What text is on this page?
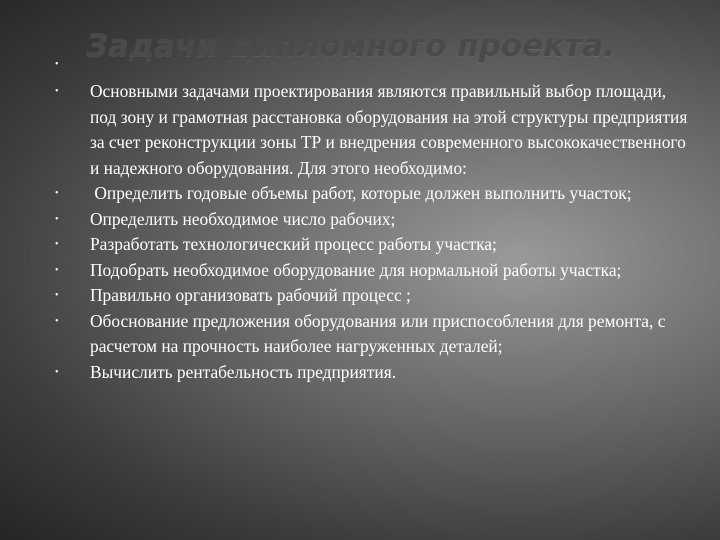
Задачи дипломного проекта.
•
•	Основными задачами проектирования являются правильный выбор площади, под зону и грамотная расстановка оборудования на этой структуры предприятия за счет реконструкции зоны ТР и внедрения современного высококачественного и надежного оборудования. Для этого необходимо:
•	Определить годовые объемы работ, которые должен выполнить участок;
•	Определить необходимое число рабочих;
•	Разработать технологический процесс работы участка;
•	Подобрать необходимое оборудование для нормальной работы участка;
•	Правильно организовать рабочий процесс ;
•	Обоснование предложения оборудования или приспособления для ремонта, с расчетом на прочность наиболее нагруженных деталей;
•	Вычислить рентабельность предприятия.
